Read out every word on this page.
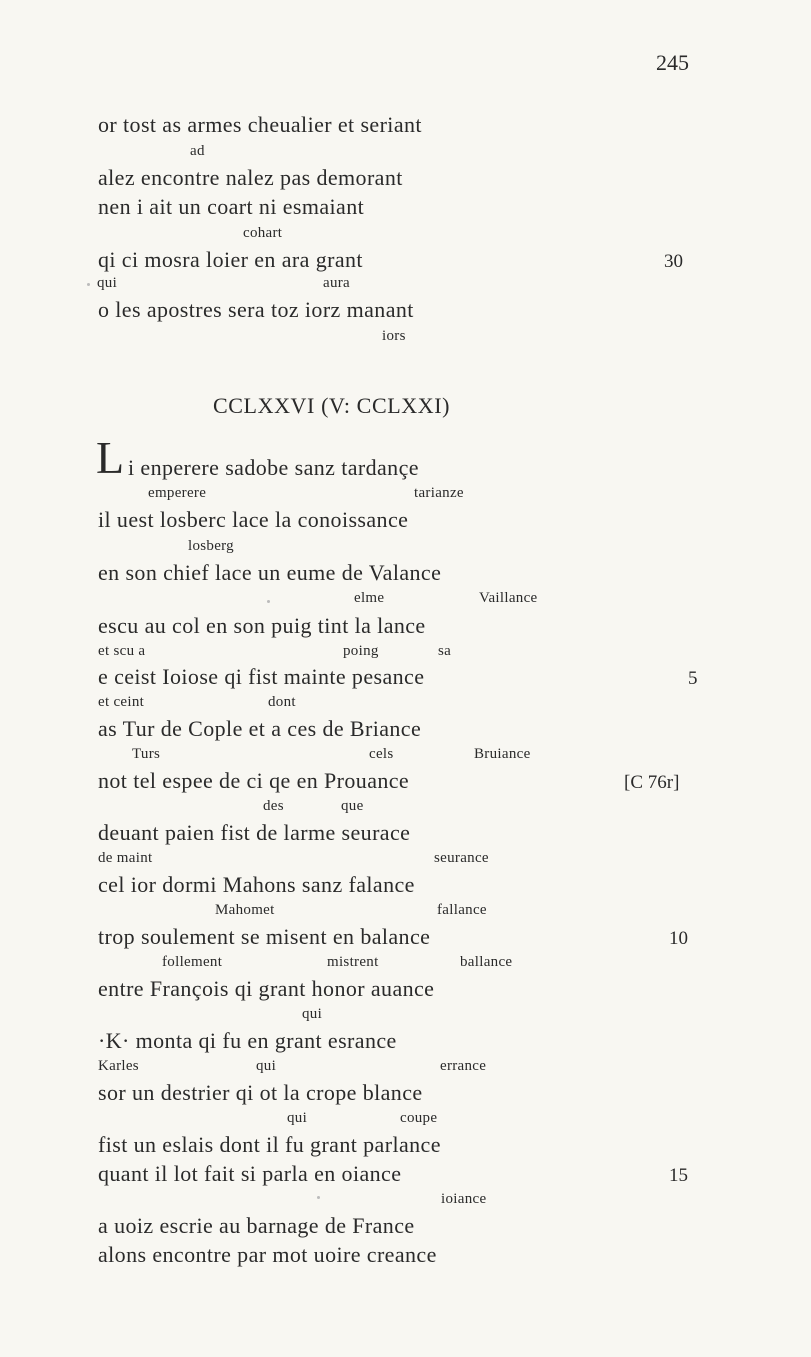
245
or tost as armes cheualier et seriant
ad
alez encontre nalez pas demorant
nen i ait un coart ni esmaiant
cohart
qi ci mosra loier en ara grant	30
qui	aura
o les apostres sera toz iorz manant
iors
CCLXXVI (V: CCLXXI)
L i enperere sadobe sanz tardançe
emperere	tarianze
il uest losberc lace la conoissance
losberg
en son chief lace un eume de Valance
elme	Vaillance
escu au col en son puig tint la lance
et scu a	poing	sa
e ceist Ioiose qi fist mainte pesance	5
et ceint	dont
as Tur de Cople et a ces de Briance
Turs	cels	Bruiance
not tel espee de ci qe en Prouance	[C 76r]
des	que
deuant paien fist de larme seurace
de maint	seurance
cel ior dormi Mahons sanz falance
Mahomet	fallance
trop soulement se misent en balance	10
follement	mistrent	ballance
entre François qi grant honor auance
qui
·K· monta qi fu en grant esrance
Karles	qui	errance
sor un destrier qi ot la crope blance
qui	coupe
fist un eslais dont il fu grant parlance
quant il lot fait si parla en oiance	15
ioiance
a uoiz escrie au barnage de France
alons encontre par mot uoire creance
